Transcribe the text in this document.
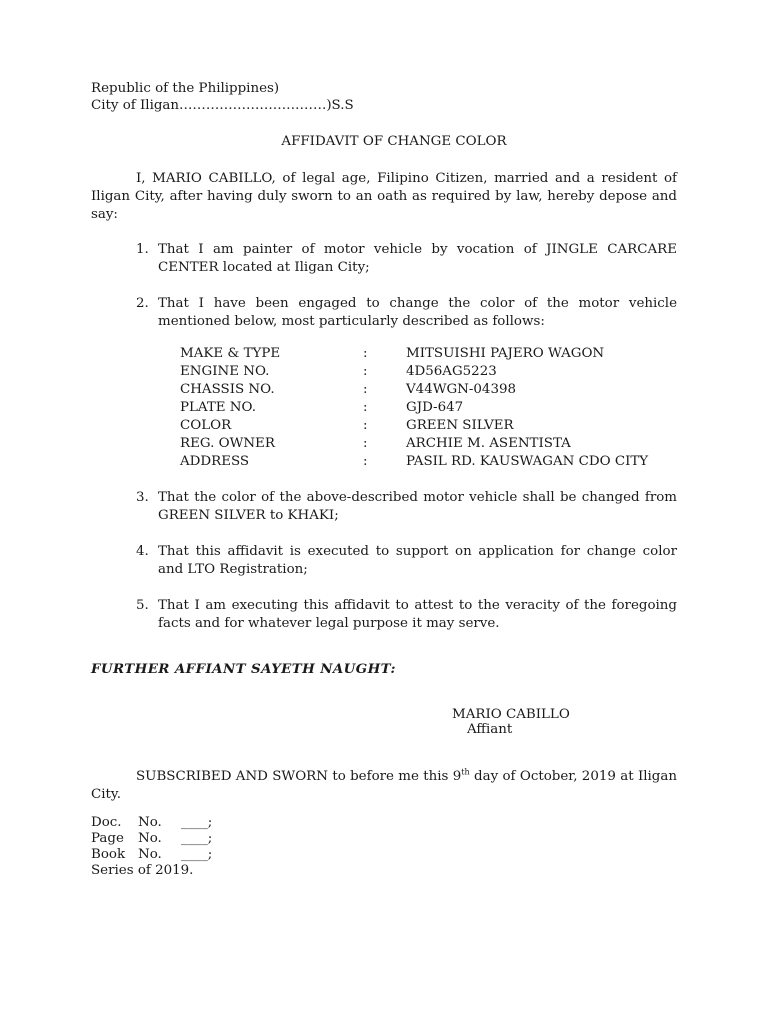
Republic of the Philippines)
City of Iligan……………………………)S.S
AFFIDAVIT OF CHANGE COLOR
I, MARIO CABILLO, of legal age, Filipino Citizen, married and a resident of Iligan City, after having duly sworn to an oath as required by law, hereby depose and say:
1. That I am painter of motor vehicle by vocation of JINGLE CARCARE CENTER located at Iligan City;
2. That I have been engaged to change the color of the motor vehicle mentioned below, most particularly described as follows:
MAKE & TYPE	:	MITSUISHI PAJERO WAGON
ENGINE NO.	:	4D56AG5223
CHASSIS NO.	:	V44WGN-04398
PLATE NO.	:	GJD-647
COLOR	:	GREEN SILVER
REG. OWNER	:	ARCHIE M. ASENTISTA
ADDRESS	:	PASIL RD. KAUSWAGAN CDO CITY
3. That the color of the above-described motor vehicle shall be changed from GREEN SILVER to KHAKI;
4. That this affidavit is executed to support on application for change color and LTO Registration;
5. That I am executing this affidavit to attest to the veracity of the foregoing facts and for whatever legal purpose it may serve.
FURTHER AFFIANT SAYETH NAUGHT:
MARIO CABILLO
Affiant
SUBSCRIBED AND SWORN to before me this 9th day of October, 2019 at Iligan City.
Doc. No. ____;
Page No. ____;
Book No. ____;
Series of 2019.
